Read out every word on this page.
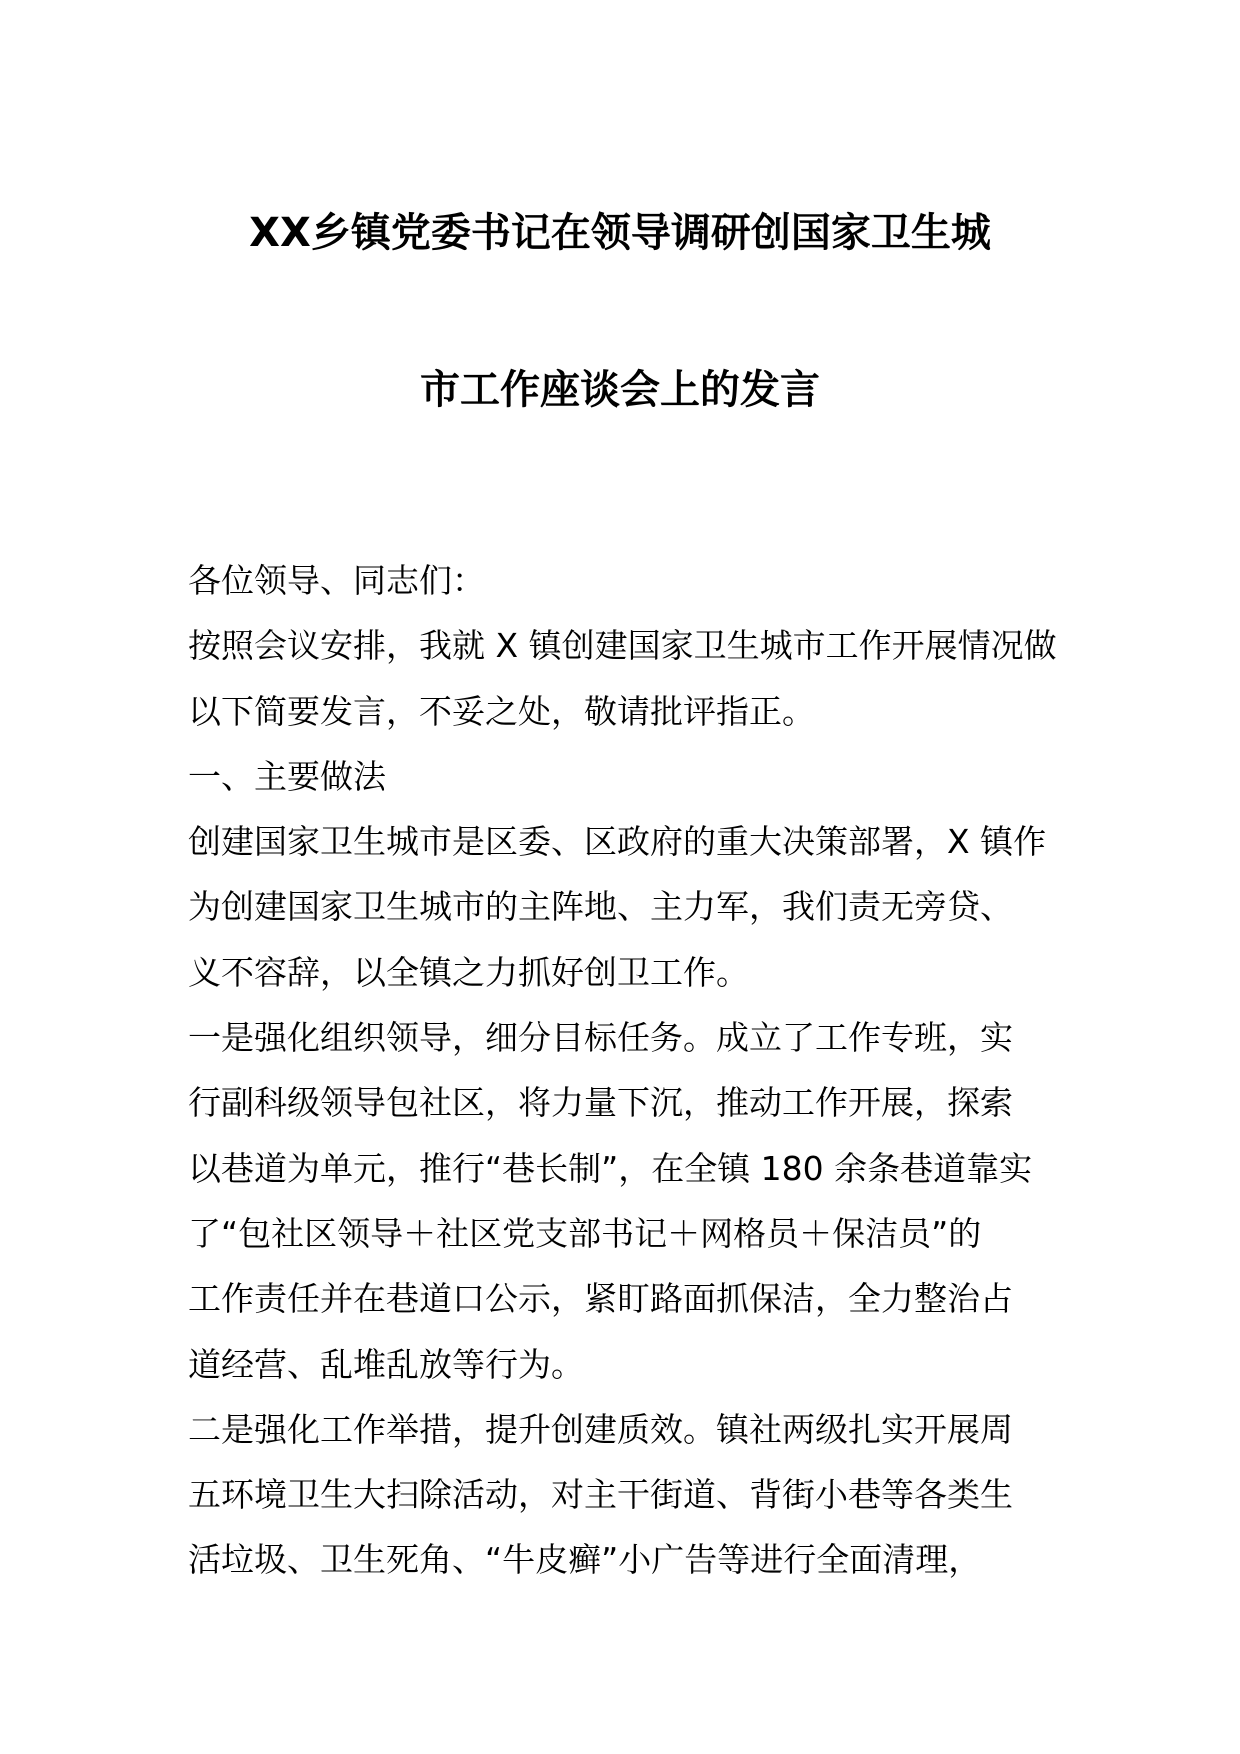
XX乡镇党委书记在领导调研创国家卫生城
市工作座谈会上的发言
各位领导、同志们：
按照会议安排，我就 X 镇创建国家卫生城市工作开展情况做
以下简要发言，不妥之处，敬请批评指正。
一、主要做法
创建国家卫生城市是区委、区政府的重大决策部署，X 镇作
为创建国家卫生城市的主阵地、主力军，我们责无旁贷、
义不容辞，以全镇之力抓好创卫工作。
一是强化组织领导，细分目标任务。成立了工作专班，实
行副科级领导包社区，将力量下沉，推动工作开展，探索
以巷道为单元，推行“巷长制”，在全镇 180 余条巷道靠实
了“包社区领导＋社区党支部书记＋网格员＋保洁员”的
工作责任并在巷道口公示，紧盯路面抓保洁，全力整治占
道经营、乱堆乱放等行为。
二是强化工作举措，提升创建质效。镇社两级扎实开展周
五环境卫生大扫除活动，对主干街道、背街小巷等各类生
活垃圾、卫生死角、“牛皮癣”小广告等进行全面清理，
